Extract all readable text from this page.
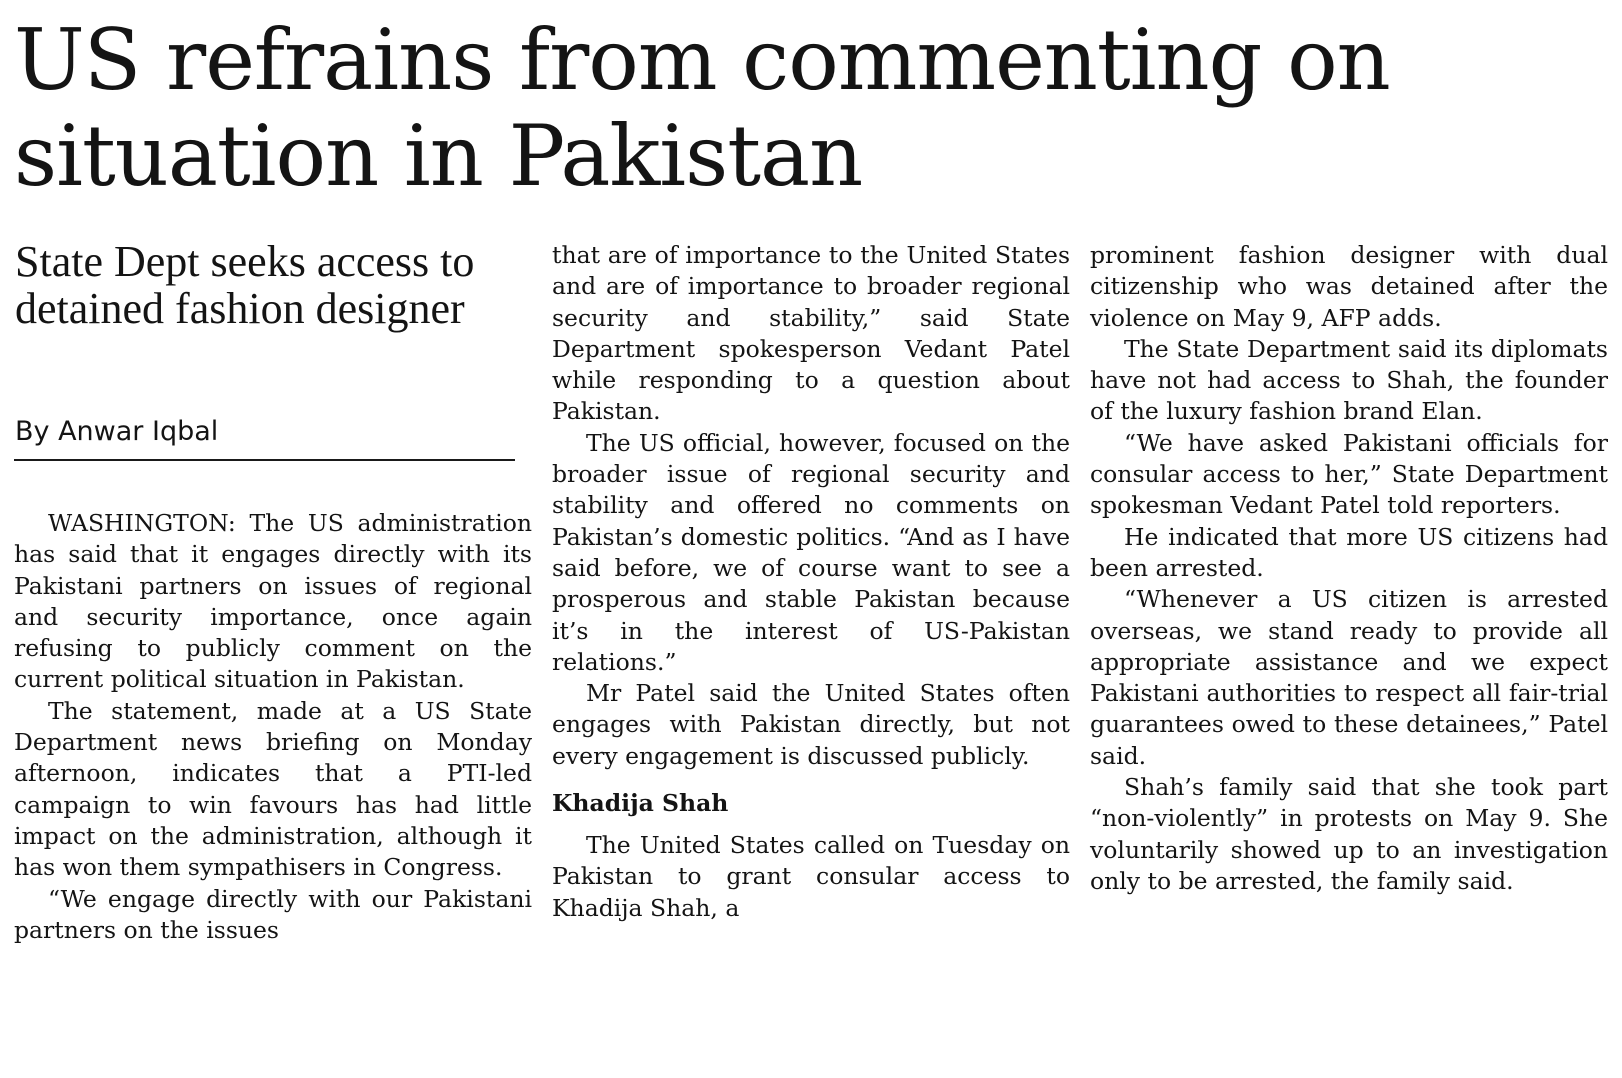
US refrains from commenting on situation in Pakistan
State Dept seeks access to detained fashion designer
By Anwar Iqbal

WASHINGTON: The US administration has said that it engages directly with its Pakistani partners on issues of regional and security importance, once again refusing to publicly comment on the current political situation in Pakistan.

The statement, made at a US State Department news briefing on Monday afternoon, indicates that a PTI-led campaign to win favours has had little impact on the administration, although it has won them sympathisers in Congress.

“We engage directly with our Pakistani partners on the issues

that are of importance to the United States and are of importance to broader regional security and stability,” said State Department spokesperson Vedant Patel while responding to a question about Pakistan.

The US official, however, focused on the broader issue of regional security and stability and offered no comments on Pakistan’s domestic politics. “And as I have said before, we of course want to see a prosperous and stable Pakistan because it’s in the interest of US-Pakistan relations.”

Mr Patel said the United States often engages with Pakistan directly, but not every engagement is discussed publicly.

Khadija Shah

The United States called on Tuesday on Pakistan to grant consular access to Khadija Shah, a

prominent fashion designer with dual citizenship who was detained after the violence on May 9, AFP adds.

The State Department said its diplomats have not had access to Shah, the founder of the luxury fashion brand Elan.

“We have asked Pakistani officials for consular access to her,” State Department spokesman Vedant Patel told reporters.

He indicated that more US citizens had been arrested.

“Whenever a US citizen is arrested overseas, we stand ready to provide all appropriate assistance and we expect Pakistani authorities to respect all fair-trial guarantees owed to these detainees,” Patel said.

Shah’s family said that she took part “non-violently” in protests on May 9. She voluntarily showed up to an investigation only to be arrested, the family said.
